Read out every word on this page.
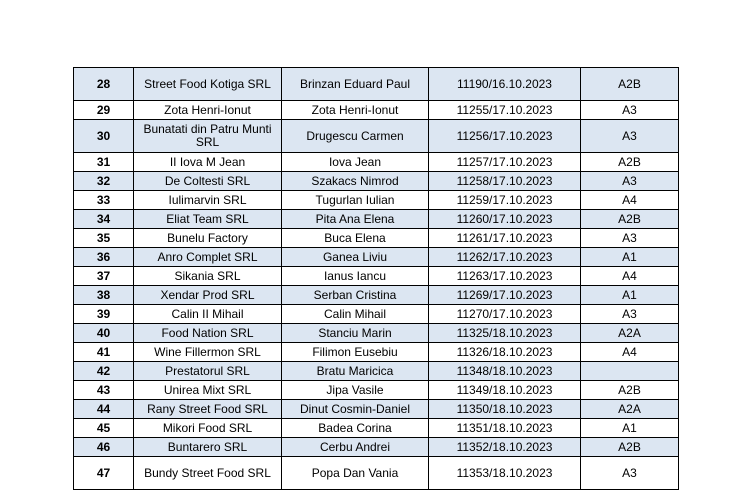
28	Street Food Kotiga SRL	Brinzan Eduard Paul	11190/16.10.2023	A2B
29	Zota Henri-Ionut	Zota Henri-Ionut	11255/17.10.2023	A3
30	Bunatati din Patru Munti SRL	Drugescu Carmen	11256/17.10.2023	A3
31	II Iova M Jean	Iova Jean	11257/17.10.2023	A2B
32	De Coltesti SRL	Szakacs Nimrod	11258/17.10.2023	A3
33	Iulimarvin SRL	Tugurlan Iulian	11259/17.10.2023	A4
34	Eliat Team SRL	Pita Ana Elena	11260/17.10.2023	A2B
35	Bunelu Factory	Buca Elena	11261/17.10.2023	A3
36	Anro Complet SRL	Ganea Liviu	11262/17.10.2023	A1
37	Sikania SRL	Ianus Iancu	11263/17.10.2023	A4
38	Xendar Prod SRL	Serban Cristina	11269/17.10.2023	A1
39	Calin II Mihail	Calin Mihail	11270/17.10.2023	A3
40	Food Nation SRL	Stanciu Marin	11325/18.10.2023	A2A
41	Wine Fillermon SRL	Filimon Eusebiu	11326/18.10.2023	A4
42	Prestatorul SRL	Bratu Maricica	11348/18.10.2023	
43	Unirea Mixt SRL	Jipa Vasile	11349/18.10.2023	A2B
44	Rany Street Food SRL	Dinut Cosmin-Daniel	11350/18.10.2023	A2A
45	Mikori Food SRL	Badea Corina	11351/18.10.2023	A1
46	Buntarero SRL	Cerbu Andrei	11352/18.10.2023	A2B
47	Bundy Street Food SRL	Popa Dan Vania	11353/18.10.2023	A3
